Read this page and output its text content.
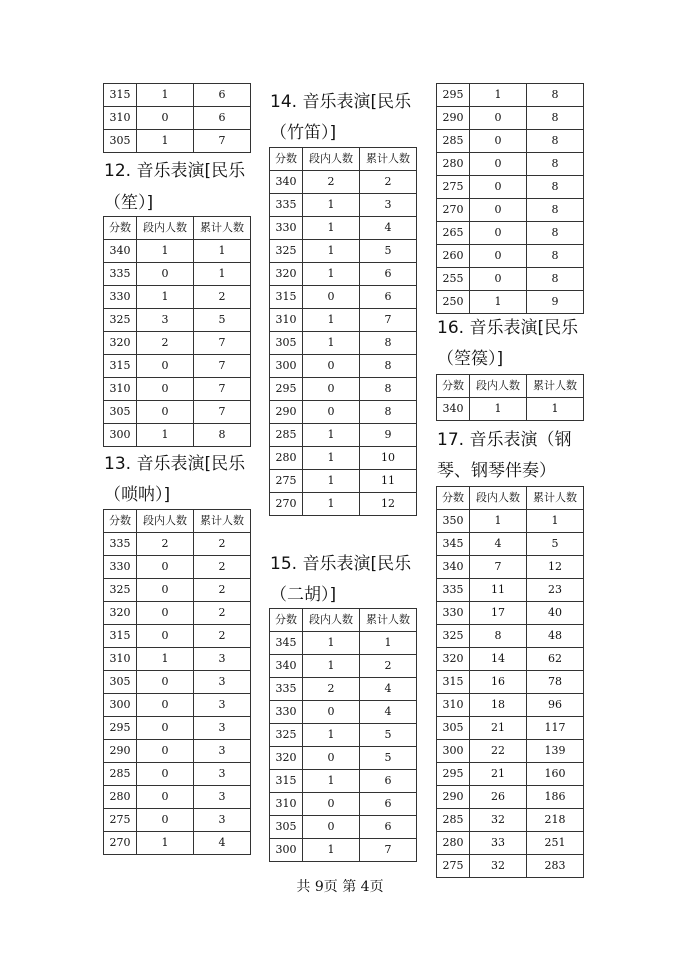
315	1	6
310	0	6
305	1	7
12. 音乐表演[民乐
（笙）]
分数	段内人数	累计人数
340	1	1
335	0	1
330	1	2
325	3	5
320	2	7
315	0	7
310	0	7
305	0	7
300	1	8
13. 音乐表演[民乐
（唢呐）]
分数	段内人数	累计人数
335	2	2
330	0	2
325	0	2
320	0	2
315	0	2
310	1	3
305	0	3
300	0	3
295	0	3
290	0	3
285	0	3
280	0	3
275	0	3
270	1	4
14. 音乐表演[民乐
（竹笛）]
分数	段内人数	累计人数
340	2	2
335	1	3
330	1	4
325	1	5
320	1	6
315	0	6
310	1	7
305	1	8
300	0	8
295	0	8
290	0	8
285	1	9
280	1	10
275	1	11
270	1	12
15. 音乐表演[民乐
（二胡）]
分数	段内人数	累计人数
345	1	1
340	1	2
335	2	4
330	0	4
325	1	5
320	0	5
315	1	6
310	0	6
305	0	6
300	1	7
295	1	8
290	0	8
285	0	8
280	0	8
275	0	8
270	0	8
265	0	8
260	0	8
255	0	8
250	1	9
16. 音乐表演[民乐
（箜篌）]
分数	段内人数	累计人数
340	1	1
17. 音乐表演（钢
琴、钢琴伴奏）
分数	段内人数	累计人数
350	1	1
345	4	5
340	7	12
335	11	23
330	17	40
325	8	48
320	14	62
315	16	78
310	18	96
305	21	117
300	22	139
295	21	160
290	26	186
285	32	218
280	33	251
275	32	283
共 9页 第 4页
